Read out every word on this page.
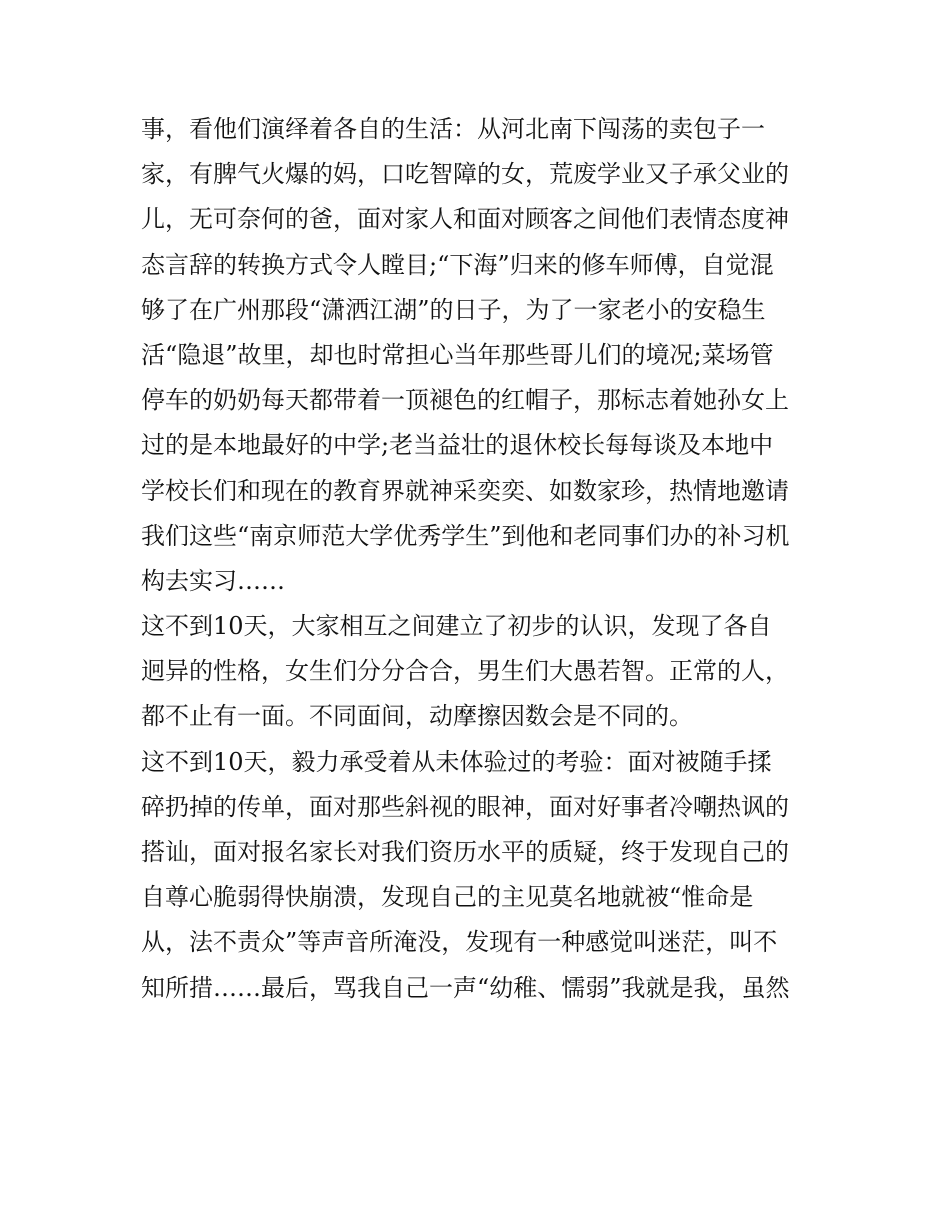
事，看他们演绎着各自的生活：从河北南下闯荡的卖包子一
家，有脾气火爆的妈，口吃智障的女，荒废学业又子承父业的
儿，无可奈何的爸，面对家人和面对顾客之间他们表情态度神
态言辞的转换方式令人瞠目;“下海”归来的修车师傅，自觉混
够了在广州那段“潇洒江湖”的日子，为了一家老小的安稳生
活“隐退”故里，却也时常担心当年那些哥儿们的境况;菜场管
停车的奶奶每天都带着一顶褪色的红帽子，那标志着她孙女上
过的是本地最好的中学;老当益壮的退休校长每每谈及本地中
学校长们和现在的教育界就神采奕奕、如数家珍，热情地邀请
我们这些“南京师范大学优秀学生”到他和老同事们办的补习机
构去实习……
这不到10天，大家相互之间建立了初步的认识，发现了各自
迥异的性格，女生们分分合合，男生们大愚若智。正常的人，
都不止有一面。不同面间，动摩擦因数会是不同的。
这不到10天，毅力承受着从未体验过的考验：面对被随手揉
碎扔掉的传单，面对那些斜视的眼神，面对好事者冷嘲热讽的
搭讪，面对报名家长对我们资历水平的质疑，终于发现自己的
自尊心脆弱得快崩溃，发现自己的主见莫名地就被“惟命是
从，法不责众”等声音所淹没，发现有一种感觉叫迷茫，叫不
知所措……最后，骂我自己一声“幼稚、懦弱”我就是我，虽然
